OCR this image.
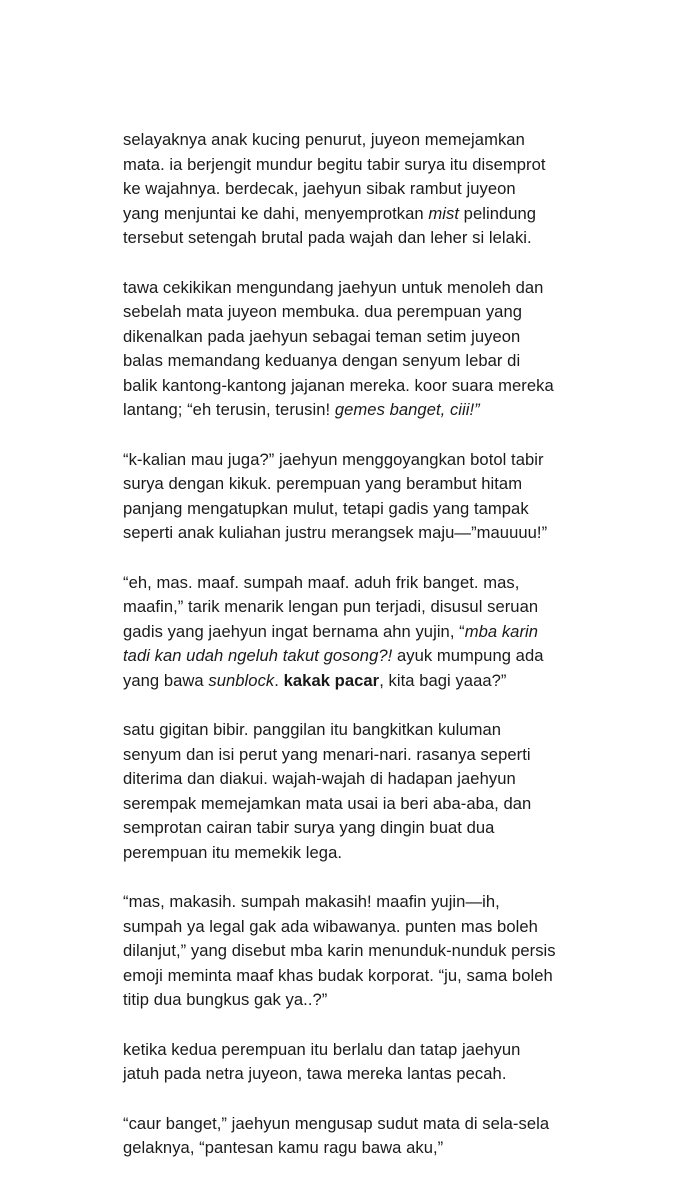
selayaknya anak kucing penurut, juyeon memejamkan
mata. ia berjengit mundur begitu tabir surya itu disemprot
ke wajahnya. berdecak, jaehyun sibak rambut juyeon
yang menjuntai ke dahi, menyemprotkan mist pelindung
tersebut setengah brutal pada wajah dan leher si lelaki.

tawa cekikikan mengundang jaehyun untuk menoleh dan
sebelah mata juyeon membuka. dua perempuan yang
dikenalkan pada jaehyun sebagai teman setim juyeon
balas memandang keduanya dengan senyum lebar di
balik kantong-kantong jajanan mereka. koor suara mereka
lantang; “eh terusin, terusin! gemes banget, ciii!”

“k-kalian mau juga?” jaehyun menggoyangkan botol tabir
surya dengan kikuk. perempuan yang berambut hitam
panjang mengatupkan mulut, tetapi gadis yang tampak
seperti anak kuliahan justru merangsek maju—”mauuuu!”

“eh, mas. maaf. sumpah maaf. aduh frik banget. mas,
maafin,” tarik menarik lengan pun terjadi, disusul seruan
gadis yang jaehyun ingat bernama ahn yujin, “mba karin
tadi kan udah ngeluh takut gosong?! ayuk mumpung ada
yang bawa sunblock. kakak pacar, kita bagi yaaa?”

satu gigitan bibir. panggilan itu bangkitkan kuluman
senyum dan isi perut yang menari-nari. rasanya seperti
diterima dan diakui. wajah-wajah di hadapan jaehyun
serempak memejamkan mata usai ia beri aba-aba, dan
semprotan cairan tabir surya yang dingin buat dua
perempuan itu memekik lega.

“mas, makasih. sumpah makasih! maafin yujin—ih,
sumpah ya legal gak ada wibawanya. punten mas boleh
dilanjut,” yang disebut mba karin menunduk-nunduk persis
emoji meminta maaf khas budak korporat. “ju, sama boleh
titip dua bungkus gak ya..?”

ketika kedua perempuan itu berlalu dan tatap jaehyun
jatuh pada netra juyeon, tawa mereka lantas pecah.

“caur banget,” jaehyun mengusap sudut mata di sela-sela
gelaknya, “pantesan kamu ragu bawa aku,”
